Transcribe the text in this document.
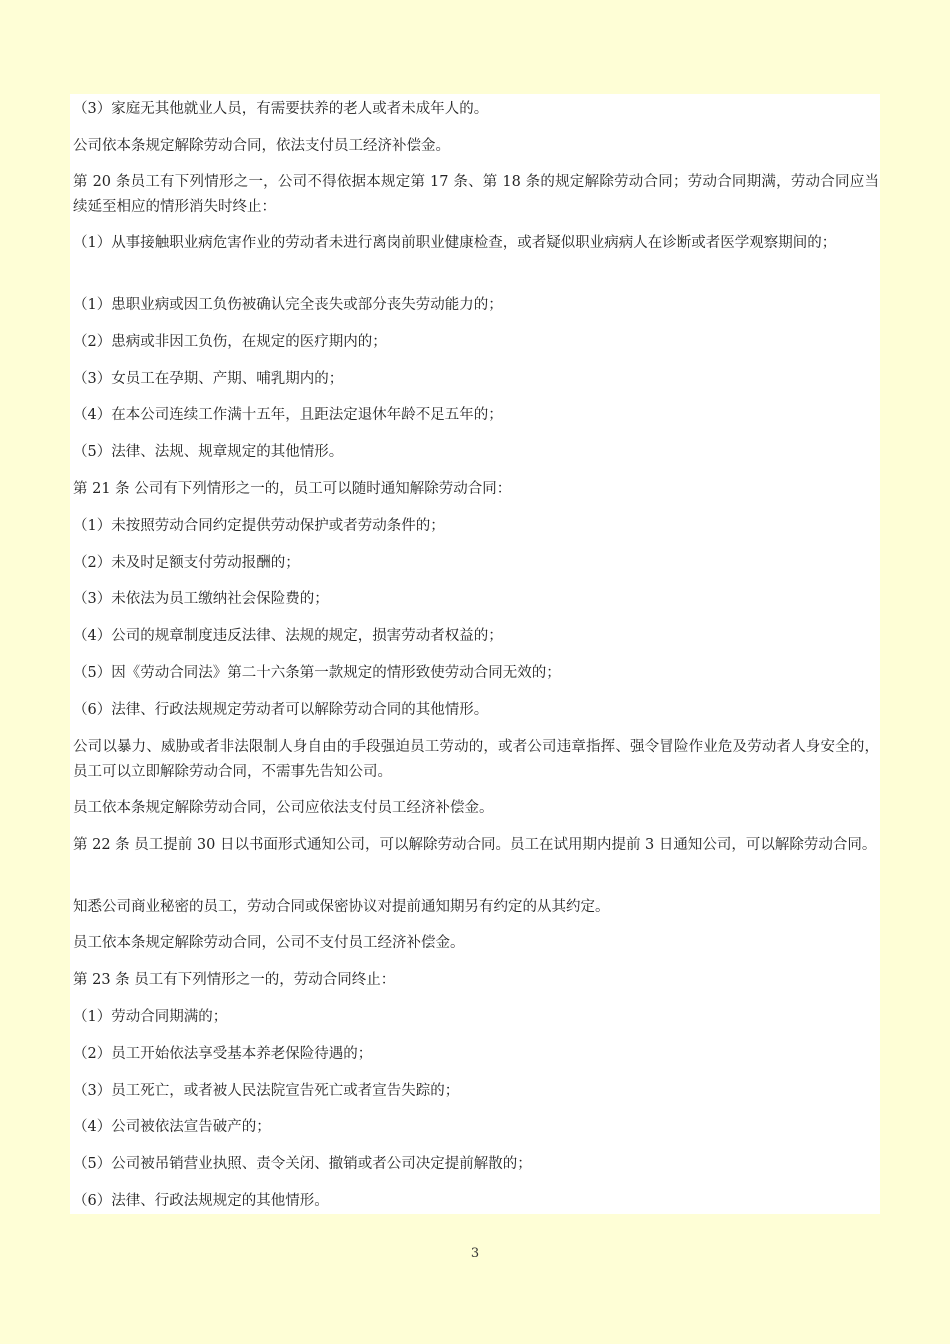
（3）家庭无其他就业人员，有需要扶养的老人或者未成年人的。
公司依本条规定解除劳动合同，依法支付员工经济补偿金。
第 20 条员工有下列情形之一，公司不得依据本规定第 17 条、第 18 条的规定解除劳动合同；劳动合同期满，劳动合同应当续延至相应的情形消失时终止：
（1）从事接触职业病危害作业的劳动者未进行离岗前职业健康检查，或者疑似职业病病人在诊断或者医学观察期间的；
（1）患职业病或因工负伤被确认完全丧失或部分丧失劳动能力的；
（2）患病或非因工负伤，在规定的医疗期内的；
（3）女员工在孕期、产期、哺乳期内的；
（4）在本公司连续工作满十五年，且距法定退休年龄不足五年的；
（5）法律、法规、规章规定的其他情形。
第 21 条 公司有下列情形之一的，员工可以随时通知解除劳动合同：
（1）未按照劳动合同约定提供劳动保护或者劳动条件的；
（2）未及时足额支付劳动报酬的；
（3）未依法为员工缴纳社会保险费的；
（4）公司的规章制度违反法律、法规的规定，损害劳动者权益的；
（5）因《劳动合同法》第二十六条第一款规定的情形致使劳动合同无效的；
（6）法律、行政法规规定劳动者可以解除劳动合同的其他情形。
公司以暴力、威胁或者非法限制人身自由的手段强迫员工劳动的，或者公司违章指挥、强令冒险作业危及劳动者人身安全的，员工可以立即解除劳动合同，不需事先告知公司。
员工依本条规定解除劳动合同，公司应依法支付员工经济补偿金。
第 22 条 员工提前 30 日以书面形式通知公司，可以解除劳动合同。员工在试用期内提前 3 日通知公司，可以解除劳动合同。
知悉公司商业秘密的员工，劳动合同或保密协议对提前通知期另有约定的从其约定。
员工依本条规定解除劳动合同，公司不支付员工经济补偿金。
第 23 条 员工有下列情形之一的，劳动合同终止：
（1）劳动合同期满的；
（2）员工开始依法享受基本养老保险待遇的；
（3）员工死亡，或者被人民法院宣告死亡或者宣告失踪的；
（4）公司被依法宣告破产的；
（5）公司被吊销营业执照、责令关闭、撤销或者公司决定提前解散的；
（6）法律、行政法规规定的其他情形。
3
